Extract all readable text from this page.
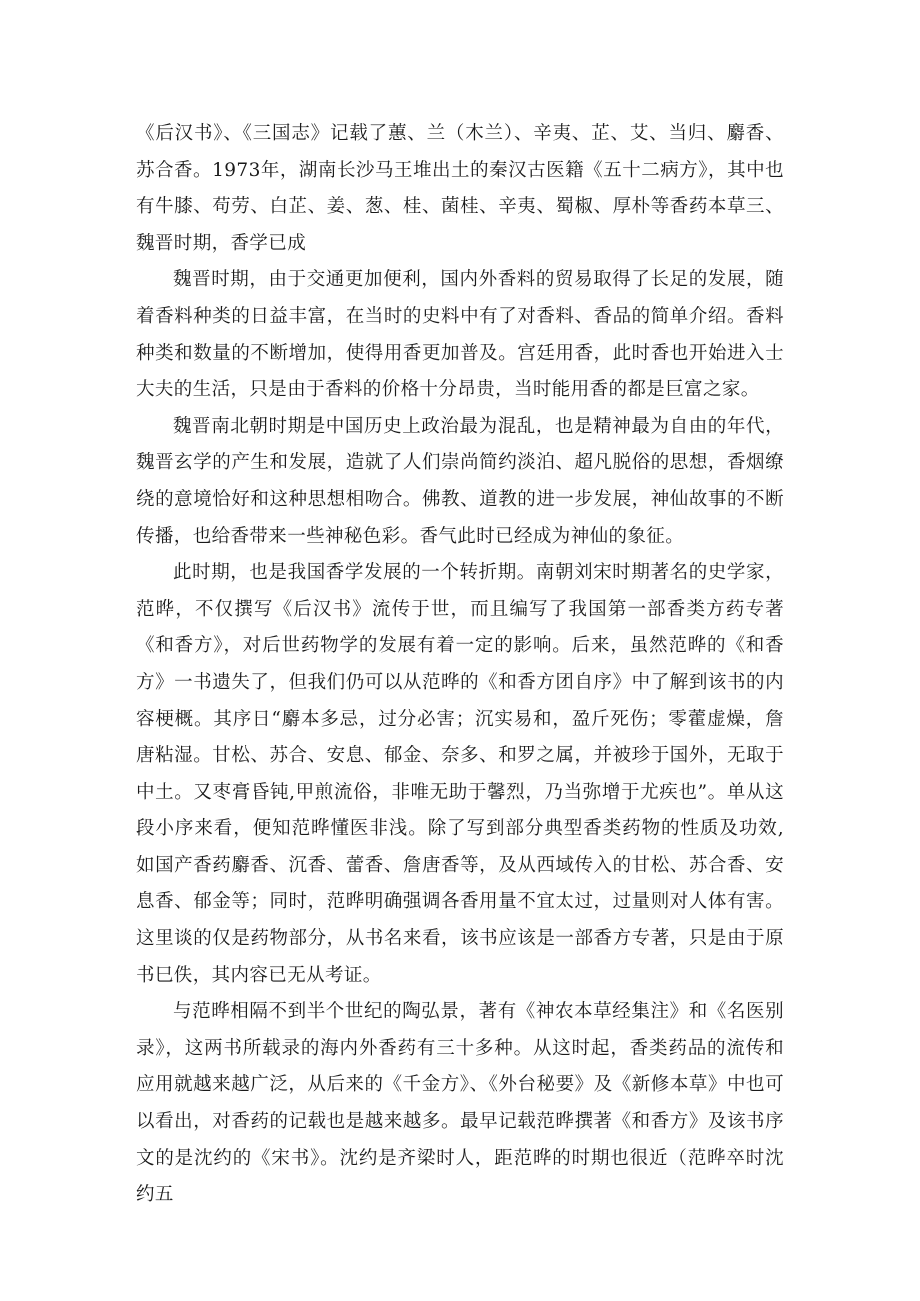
《后汉书》、《三国志》记载了蕙、兰（木兰）、辛夷、芷、艾、当归、麝香、苏合香。1973年，湖南长沙马王堆出土的秦汉古医籍《五十二病方》，其中也有牛膝、苟劳、白芷、姜、葱、桂、菌桂、辛夷、蜀椒、厚朴等香药本草三、魏晋时期，香学已成

魏晋时期，由于交通更加便利，国内外香料的贸易取得了长足的发展，随着香料种类的日益丰富，在当时的史料中有了对香料、香品的简单介绍。香料种类和数量的不断增加，使得用香更加普及。宫廷用香，此时香也开始进入士大夫的生活，只是由于香料的价格十分昂贵，当时能用香的都是巨富之家。

魏晋南北朝时期是中国历史上政治最为混乱，也是精神最为自由的年代，魏晋玄学的产生和发展，造就了人们崇尚简约淡泊、超凡脱俗的思想，香烟缭绕的意境恰好和这种思想相吻合。佛教、道教的进一步发展，神仙故事的不断传播，也给香带来一些神秘色彩。香气此时已经成为神仙的象征。

此时期，也是我国香学发展的一个转折期。南朝刘宋时期著名的史学家，范晔，不仅撰写《后汉书》流传于世，而且编写了我国第一部香类方药专著《和香方》，对后世药物学的发展有着一定的影响。后来，虽然范晔的《和香方》一书遗失了，但我们仍可以从范晔的《和香方团自序》中了解到该书的内容梗概。其序日“麝本多忌，过分必害；沉实易和，盈斤死伤；零藿虚燥，詹唐粘湿。甘松、苏合、安息、郁金、奈多、和罗之属，并被珍于国外，无取于中土。又枣膏昏钝,甲煎流俗，非唯无助于馨烈，乃当弥增于尤疾也”。单从这段小序来看，便知范晔懂医非浅。除了写到部分典型香类药物的性质及功效,如国产香药麝香、沉香、蕾香、詹唐香等，及从西域传入的甘松、苏合香、安息香、郁金等；同时，范晔明确强调各香用量不宜太过，过量则对人体有害。这里谈的仅是药物部分，从书名来看，该书应该是一部香方专著，只是由于原书巳佚，其内容已无从考证。

与范晔相隔不到半个世纪的陶弘景，著有《神农本草经集注》和《名医别录》，这两书所载录的海内外香药有三十多种。从这时起，香类药品的流传和应用就越来越广泛，从后来的《千金方》、《外台秘要》及《新修本草》中也可以看出，对香药的记载也是越来越多。最早记载范晔撰著《和香方》及该书序文的是沈约的《宋书》。沈约是齐梁时人，距范晔的时期也很近（范晔卒时沈约五
